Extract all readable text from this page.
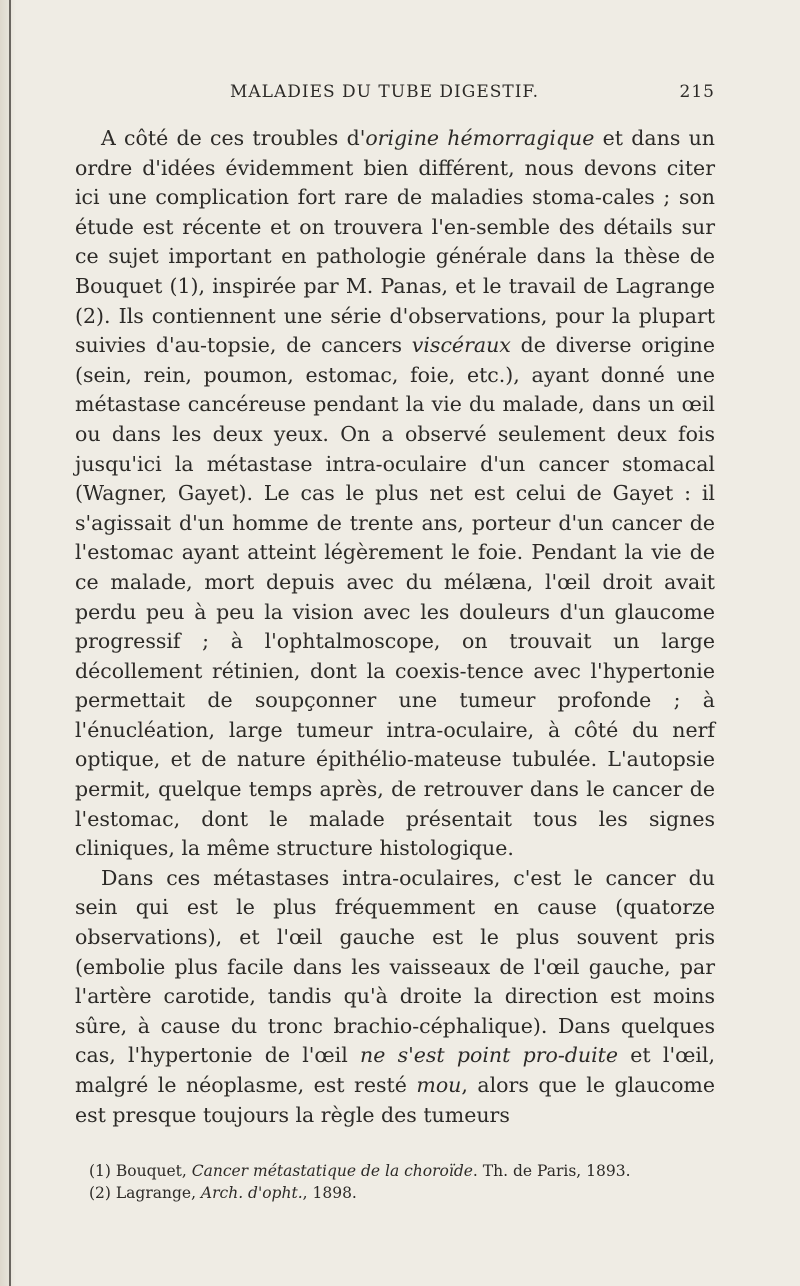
MALADIES DU TUBE DIGESTIF.	215

A côté de ces troubles d'origine hémorragique et dans un ordre d'idées évidemment bien différent, nous devons citer ici une complication fort rare de maladies stoma-cales ; son étude est récente et on trouvera l'en-semble des détails sur ce sujet important en pathologie générale dans la thèse de Bouquet (1), inspirée par M. Panas, et le travail de Lagrange (2). Ils contiennent une série d'observations, pour la plupart suivies d'au-topsie, de cancers viscéraux de diverse origine (sein, rein, poumon, estomac, foie, etc.), ayant donné une métastase cancéreuse pendant la vie du malade, dans un œil ou dans les deux yeux. On a observé seulement deux fois jusqu'ici la métastase intra-oculaire d'un cancer stomacal (Wagner, Gayet). Le cas le plus net est celui de Gayet : il s'agissait d'un homme de trente ans, porteur d'un cancer de l'estomac ayant atteint légèrement le foie. Pendant la vie de ce malade, mort depuis avec du mélæna, l'œil droit avait perdu peu à peu la vision avec les douleurs d'un glaucome progressif ; à l'ophtalmoscope, on trouvait un large décollement rétinien, dont la coexis-tence avec l'hypertonie permettait de soupçonner une tumeur profonde ; à l'énucléation, large tumeur intra-oculaire, à côté du nerf optique, et de nature épithélio-mateuse tubulée. L'autopsie permit, quelque temps après, de retrouver dans le cancer de l'estomac, dont le malade présentait tous les signes cliniques, la même structure histologique.

Dans ces métastases intra-oculaires, c'est le cancer du sein qui est le plus fréquemment en cause (quatorze observations), et l'œil gauche est le plus souvent pris (embolie plus facile dans les vaisseaux de l'œil gauche, par l'artère carotide, tandis qu'à droite la direction est moins sûre, à cause du tronc brachio-céphalique). Dans quelques cas, l'hypertonie de l'œil ne s'est point pro-duite et l'œil, malgré le néoplasme, est resté mou, alors que le glaucome est presque toujours la règle des tumeurs

(1) Bouquet, Cancer métastatique de la choroïde. Th. de Paris, 1893.

(2) Lagrange, Arch. d'opht., 1898.
